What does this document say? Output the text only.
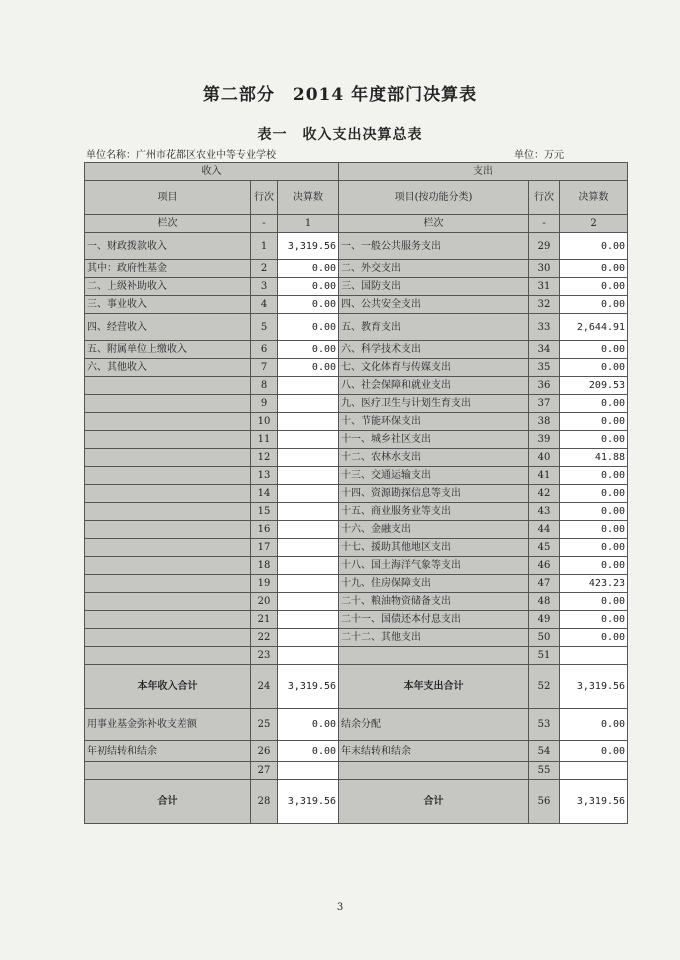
第二部分　2014 年度部门决算表
表一　收入支出决算总表
单位名称：广州市花都区农业中等专业学校	单位：万元
收入			支出		
项目	行次	决算数	项目(按功能分类)	行次	决算数
栏次	-	1	栏次	-	2
一、财政拨款收入	1	3,319.56	一、一般公共服务支出	29	0.00
其中：政府性基金	2	0.00	二、外交支出	30	0.00
二、上级补助收入	3	0.00	三、国防支出	31	0.00
三、事业收入	4	0.00	四、公共安全支出	32	0.00
四、经营收入	5	0.00	五、教育支出	33	2,644.91
五、附属单位上缴收入	6	0.00	六、科学技术支出	34	0.00
六、其他收入	7	0.00	七、文化体育与传媒支出	35	0.00
	8		八、社会保障和就业支出	36	209.53
	9		九、医疗卫生与计划生育支出	37	0.00
	10		十、节能环保支出	38	0.00
	11		十一、城乡社区支出	39	0.00
	12		十二、农林水支出	40	41.88
	13		十三、交通运输支出	41	0.00
	14		十四、资源勘探信息等支出	42	0.00
	15		十五、商业服务业等支出	43	0.00
	16		十六、金融支出	44	0.00
	17		十七、援助其他地区支出	45	0.00
	18		十八、国土海洋气象等支出	46	0.00
	19		十九、住房保障支出	47	423.23
	20		二十、粮油物资储备支出	48	0.00
	21		二十一、国债还本付息支出	49	0.00
	22		二十二、其他支出	50	0.00
	23			51	
本年收入合计	24	3,319.56	本年支出合计	52	3,319.56
用事业基金弥补收支差额	25	0.00	结余分配	53	0.00
年初结转和结余	26	0.00	年末结转和结余	54	0.00
	27			55	
合计	28	3,319.56	合计	56	3,319.56
3
